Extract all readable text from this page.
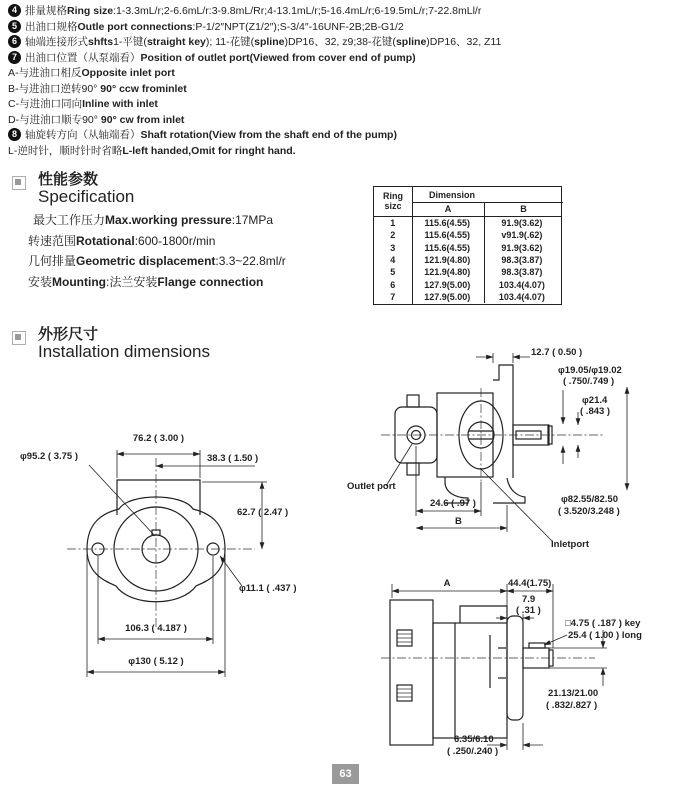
4 排量规格Ring size:1-3.3mL/r;2-6.6mL/r:3-9.8mL/Rr;4-13.1mL/r;5-16.4mL/r;6-19.5mL/r;7-22.8mLl/r
5 出油口规格Outle port connections:P-1/2″NPT(Z1/2″);S-3/4″-16UNF-2B;2B-G1/2
6 轴端连接形式shfts1-平键(straight key); 11-花键(spline)DP16、32, z9;38-花键(spline)DP16、32, Z11
7 出油口位置（从泵端看）Position of outlet port(Viewed from cover end of pump)
A-与进油口相反Opposite inlet port
B-与进油口逆转90° 90° ccw frominlet
C-与进油口同向Inline with inlet
D-与进油口顺专90° 90° cw from inlet
8 轴旋转方向（从轴端看）Shaft rotation(View from the shaft end of the pump)
L-逆时针，顺时针时省略L-left handed,Omit for ringht hand.
性能参数
Specification
最大工作压力Max.working pressure:17MPa
转速范围Rotational:600-1800r/min
几何排量Geometric displacement:3.3~22.8ml/r
安装Mounting:法兰安装Flange connection
Ring
sizc
Dimension
A	B
1	115.6(4.55)	91.9(3.62)
2	115.6(4.55)	v91.9(.62)
3	115.6(4.55)	91.9(3.62)
4	121.9(4.80)	98.3(3.87)
5	121.9(4.80)	98.3(3.87)
6	127.9(5.00)	103.4(4.07)
7	127.9(5.00)	103.4(4.07)
外形尺寸
Installation dimensions
76.2 ( 3.00 )
φ95.2 ( 3.75 )	38.3 ( 1.50 )
62.7 ( 2.47 )
φ11.1 ( .437 )
106.3 ( 4.187 )
φ130 ( 5.12 )
12.7 ( 0.50 )
φ19.05/φ19.02
( .750/.749 )
φ21.4
( .843 )
Outlet port
24.6 ( .97 )
B
φ82.55/82.50
( 3.520/3.248 )
Inletport
A	44.4(1.75)
7.9
( .31 )
□4.75 ( .187 ) key
25.4 ( 1.00 ) long
21.13/21.00
( .832/.827 )
6.35/6.10
( .250/.240 )
63
